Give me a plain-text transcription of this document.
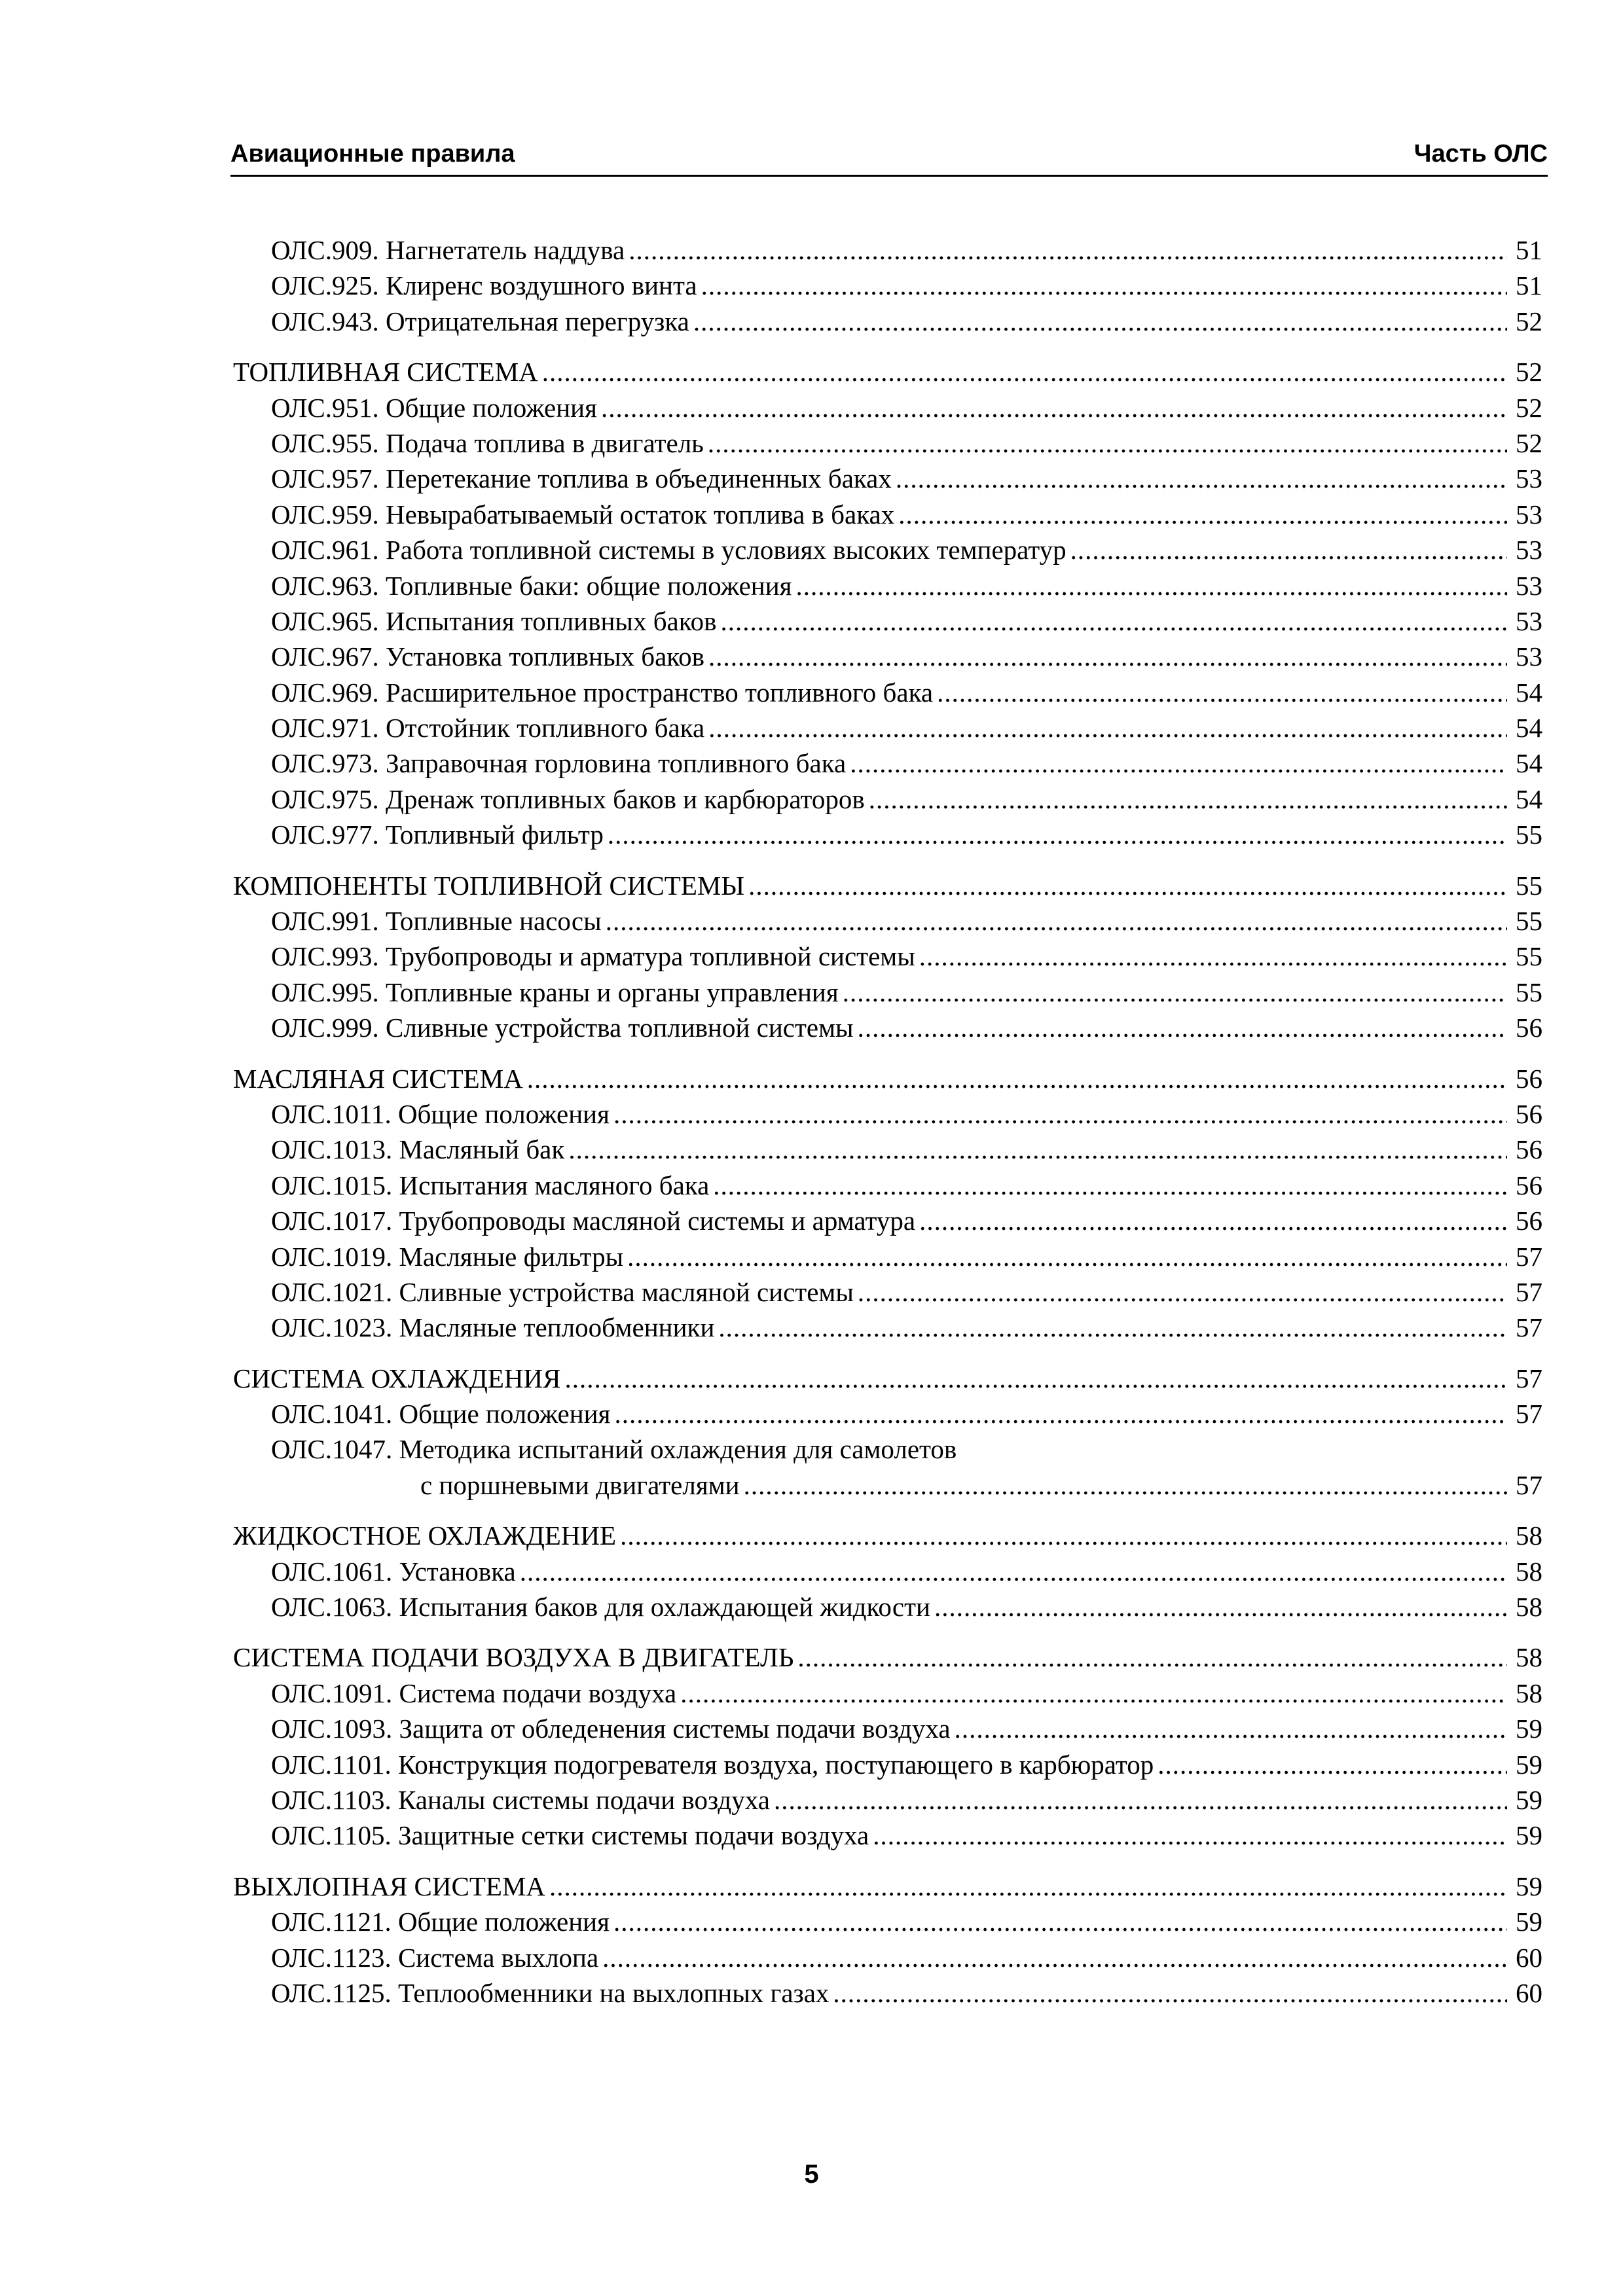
Авиационные правила	Часть ОЛС
ОЛС.909. Нагнетатель наддува .....	51
ОЛС.925. Клиренс воздушного винта .....	51
ОЛС.943. Отрицательная перегрузка .....	52
ТОПЛИВНАЯ СИСТЕМА .....	52
ОЛС.951. Общие положения .....	52
ОЛС.955. Подача топлива в двигатель .....	52
ОЛС.957. Перетекание топлива в объединенных баках .....	53
ОЛС.959. Невырабатываемый остаток топлива в баках .....	53
ОЛС.961. Работа топливной системы в условиях высоких температур .....	53
ОЛС.963. Топливные баки: общие положения .....	53
ОЛС.965. Испытания топливных баков .....	53
ОЛС.967. Установка топливных баков .....	53
ОЛС.969. Расширительное пространство топливного бака .....	54
ОЛС.971. Отстойник топливного бака .....	54
ОЛС.973. Заправочная горловина топливного бака .....	54
ОЛС.975. Дренаж топливных баков и карбюраторов .....	54
ОЛС.977. Топливный фильтр .....	55
КОМПОНЕНТЫ ТОПЛИВНОЙ СИСТЕМЫ .....	55
ОЛС.991. Топливные насосы .....	55
ОЛС.993. Трубопроводы и арматура топливной системы .....	55
ОЛС.995. Топливные краны и органы управления .....	55
ОЛС.999. Сливные устройства топливной системы .....	56
МАСЛЯНАЯ СИСТЕМА .....	56
ОЛС.1011. Общие положения .....	56
ОЛС.1013. Масляный бак .....	56
ОЛС.1015. Испытания масляного бака .....	56
ОЛС.1017. Трубопроводы масляной системы и арматура .....	56
ОЛС.1019. Масляные фильтры .....	57
ОЛС.1021. Сливные устройства масляной системы .....	57
ОЛС.1023. Масляные теплообменники .....	57
СИСТЕМА ОХЛАЖДЕНИЯ .....	57
ОЛС.1041. Общие положения .....	57
ОЛС.1047. Методика испытаний охлаждения для самолетов
с поршневыми двигателями .....	57
ЖИДКОСТНОЕ ОХЛАЖДЕНИЕ .....	58
ОЛС.1061. Установка .....	58
ОЛС.1063. Испытания баков для охлаждающей жидкости .....	58
СИСТЕМА ПОДАЧИ ВОЗДУХА В ДВИГАТЕЛЬ .....	58
ОЛС.1091. Система подачи воздуха .....	58
ОЛС.1093. Защита от обледенения системы подачи воздуха .....	59
ОЛС.1101. Конструкция подогревателя воздуха, поступающего в карбюратор .....	59
ОЛС.1103. Каналы системы подачи воздуха .....	59
ОЛС.1105. Защитные сетки системы подачи воздуха .....	59
ВЫХЛОПНАЯ СИСТЕМА .....	59
ОЛС.1121. Общие положения .....	59
ОЛС.1123. Система выхлопа .....	60
ОЛС.1125. Теплообменники на выхлопных газах .....	60
5
